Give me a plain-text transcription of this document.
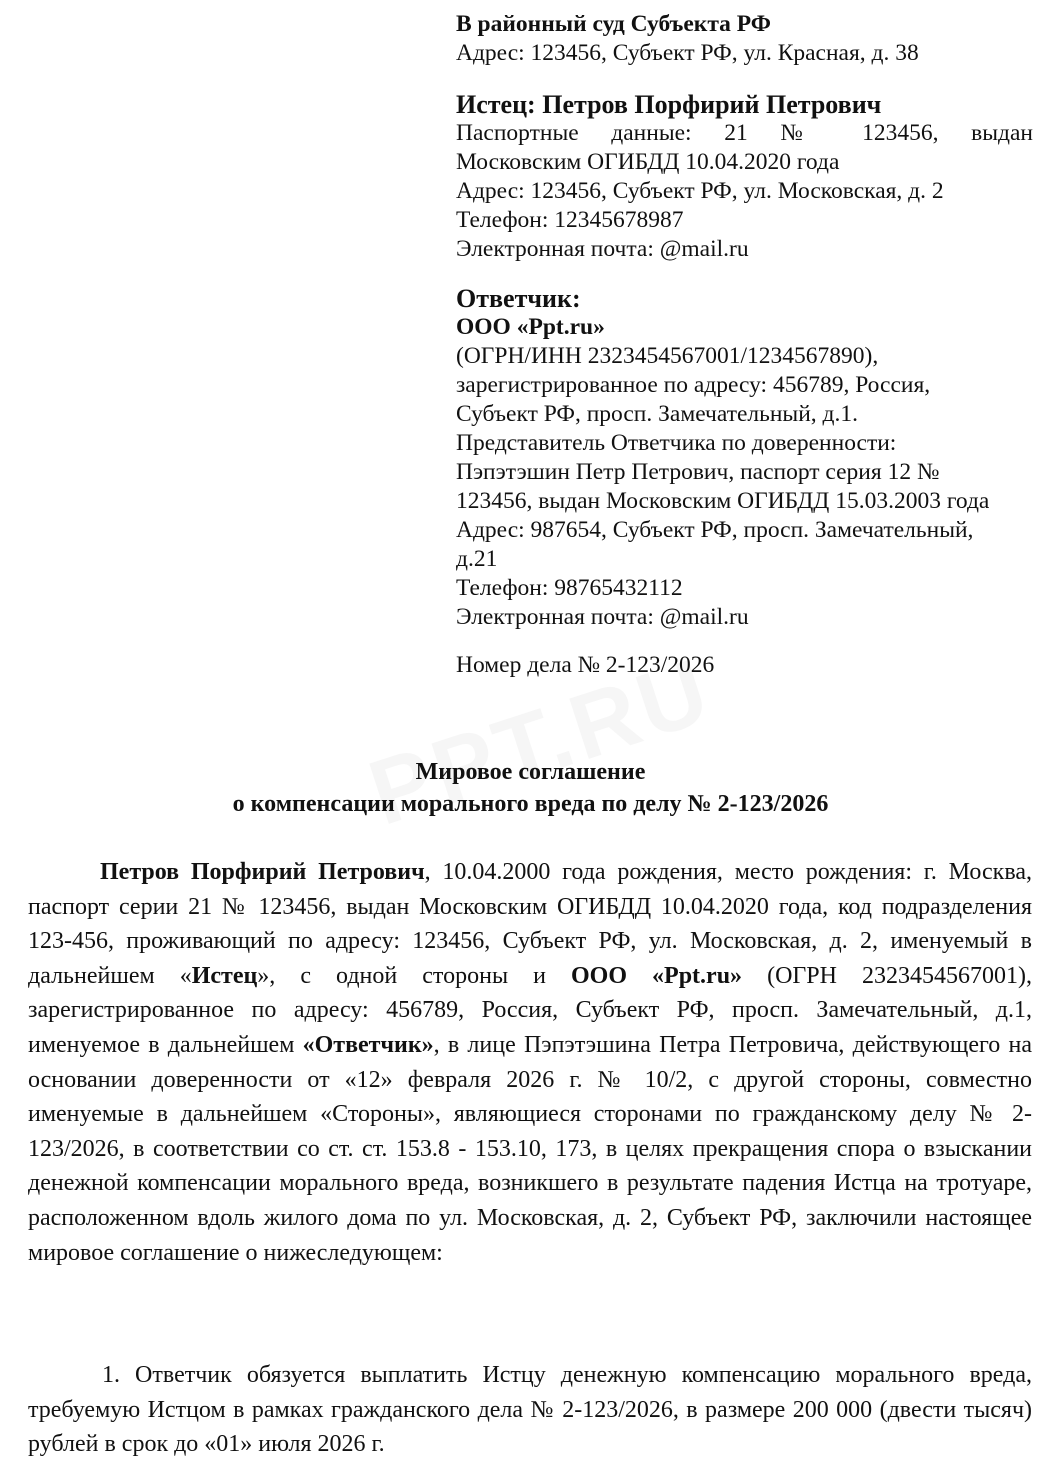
В районный суд Субъекта РФ
Адрес: 123456, Субъект РФ, ул. Красная, д. 38
Истец: Петров Порфирий Петрович
Паспортные данные: 21 № 123456, выдан
Московским ОГИБДД 10.04.2020 года
Адрес: 123456, Субъект РФ, ул. Московская, д. 2
Телефон: 12345678987
Электронная почта: @mail.ru
Ответчик:
ООО «Ppt.ru»
(ОГРН/ИНН 2323454567001/1234567890),
зарегистрированное по адресу: 456789, Россия,
Субъект РФ, просп. Замечательный, д.1.
Представитель Ответчика по доверенности:
Пэпэтэшин Петр Петрович, паспорт серия 12 №
123456, выдан Московским ОГИБДД 15.03.2003 года
Адрес: 987654, Субъект РФ, просп. Замечательный,
д.21
Телефон: 98765432112
Электронная почта: @mail.ru
Номер дела № 2-123/2026
Мировое соглашение
о компенсации морального вреда по делу № 2-123/2026

Петров Порфирий Петрович, 10.04.2000 года рождения, место рождения: г. Москва, паспорт серии 21 № 123456, выдан Московским ОГИБДД 10.04.2020 года, код подразделения 123-456, проживающий по адресу: 123456, Субъект РФ, ул. Московская, д. 2, именуемый в дальнейшем «Истец», с одной стороны и ООО «Ppt.ru» (ОГРН 2323454567001), зарегистрированное по адресу: 456789, Россия, Субъект РФ, просп. Замечательный, д.1, именуемое в дальнейшем «Ответчик», в лице Пэпэтэшина Петра Петровича, действующего на основании доверенности от «12» февраля 2026 г. № 10/2, с другой стороны, совместно именуемые в дальнейшем «Стороны», являющиеся сторонами по гражданскому делу № 2-123/2026, в соответствии со ст. ст. 153.8 - 153.10, 173, в целях прекращения спора о взыскании денежной компенсации морального вреда, возникшего в результате падения Истца на тротуаре, расположенном вдоль жилого дома по ул. Московская, д. 2, Субъект РФ, заключили настоящее мировое соглашение о нижеследующем:

1. Ответчик обязуется выплатить Истцу денежную компенсацию морального вреда, требуемую Истцом в рамках гражданского дела № 2-123/2026, в размере 200 000 (двести тысяч) рублей в срок до «01» июля 2026 г.
